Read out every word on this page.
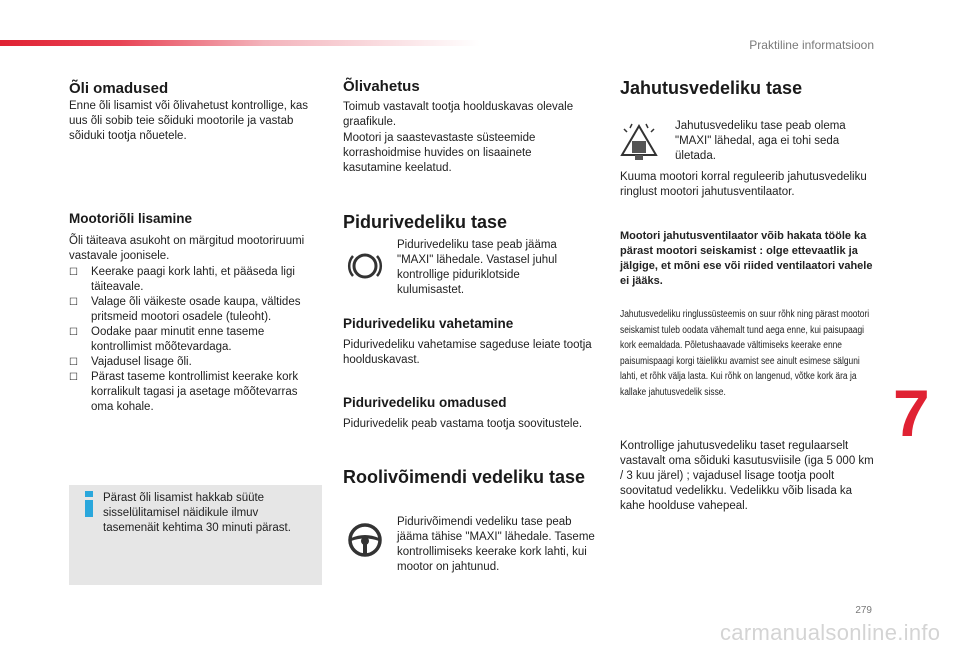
Praktiline informatsioon
Õli omadused

Enne õli lisamist või õlivahetust kontrollige, kas uus õli sobib teie sõiduki mootorile ja vastab sõiduki tootja nõuetele.

Mootoriõli lisamine

Õli täiteava asukoht on märgitud mootoriruumi vastavale joonisele.

☐ Keerake paagi kork lahti, et pääseda ligi täiteavale.
☐ Valage õli väikeste osade kaupa, vältides pritsmeid mootori osadele (tuleoht).
☐ Oodake paar minutit enne taseme kontrollimist mõõtevardaga.
☐ Vajadusel lisage õli.
☐ Pärast taseme kontrollimist keerake kork korralikult tagasi ja asetage mõõtevarras oma kohale.

Pärast õli lisamist hakkab süüte sisselülitamisel näidikule ilmuv tasemenäit kehtima 30 minuti pärast.

Õlivahetus

Toimub vastavalt tootja hoolduskavas olevale graafikule.

Mootori ja saastevastaste süsteemide korrashoidmise huvides on lisaainete kasutamine keelatud.

Pidurivedeliku tase

Pidurivedeliku tase peab jääma "MAXI" lähedale. Vastasel juhul kontrollige piduriklotside kulumisastet.

Pidurivedeliku vahetamine

Pidurivedeliku vahetamise sageduse leiate tootja hoolduskavast.

Pidurivedeliku omadused

Pidurivedelik peab vastama tootja soovitustele.

Roolivõimendi vedeliku tase

Pidurivõimendi vedeliku tase peab jääma tähise "MAXI" lähedale. Taseme kontrollimiseks keerake kork lahti, kui mootor on jahtunud.

Jahutusvedeliku tase

Jahutusvedeliku tase peab olema "MAXI" lähedal, aga ei tohi seda ületada.

Kuuma mootori korral reguleerib jahutusvedeliku ringlust mootori jahutusventilaator.

Mootori jahutusventilaator võib hakata tööle ka pärast mootori seiskamist : olge ettevaatlik ja jälgige, et mõni ese või riided ventilaatori vahele ei jääks.

Jahutusvedeliku ringlussüsteemis on suur rõhk ning pärast mootori seiskamist tuleb oodata vähemalt tund aega enne, kui paisupaagi kork eemaldada. Põletushaavade vältimiseks keerake enne paisumispaagi korgi täielikku avamist see ainult esimese sälguni lahti, et rõhk välja lasta. Kui rõhk on langenud, võtke kork ära ja kallake jahutusvedelik sisse.

Kontrollige jahutusvedeliku taset regulaarselt vastavalt oma sõiduki kasutusviisile (iga 5 000 km / 3 kuu järel) ; vajadusel lisage tootja poolt soovitatud vedelikku. Vedelikku võib lisada ka kahe hoolduse vahepeal.

7
279
carmanualsonline.info
